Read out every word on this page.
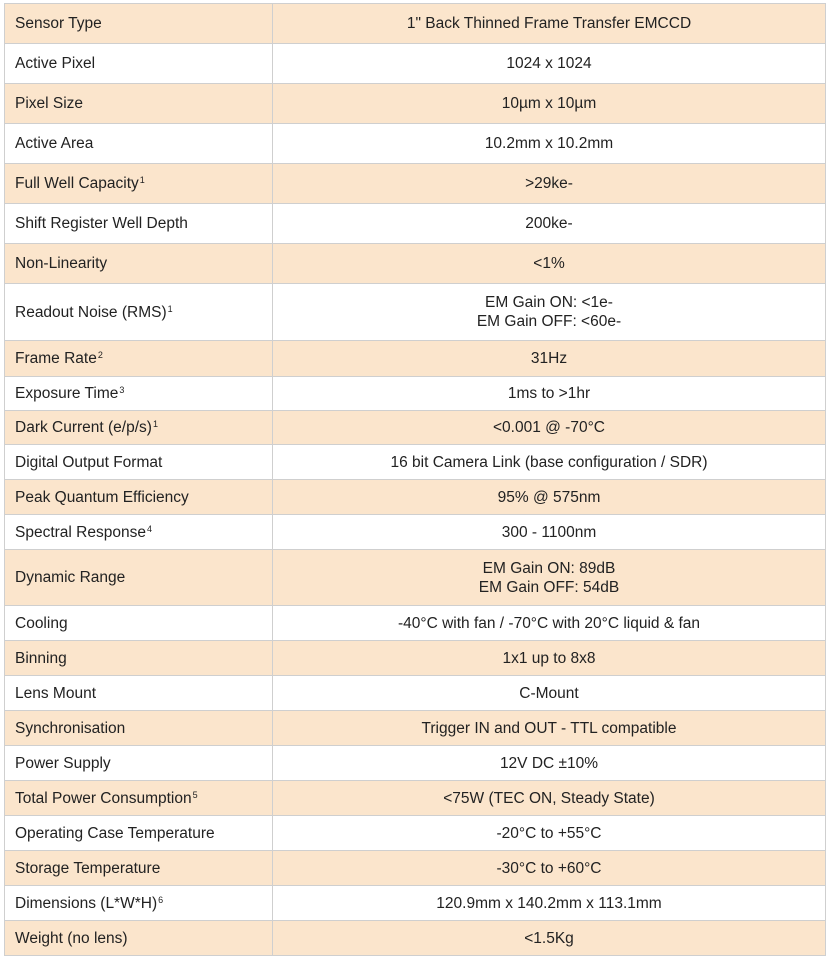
Sensor Type	1" Back Thinned Frame Transfer EMCCD

Active Pixel	1024 x 1024

Pixel Size	10µm x 10µm

Active Area	10.2mm x 10.2mm

Full Well Capacity$^1$	>29ke-

Shift Register Well Depth	200ke-

Non-Linearity	<1%

Readout Noise (RMS)$^1$	EM Gain ON: <1e-
EM Gain OFF: <60e-

Frame Rate$^2$	31Hz

Exposure Time$^3$	1ms to >1hr

Dark Current $(e/p/s)^1$	<0.001 @ -70°C

Digital Output Format	16 bit Camera Link (base configuration / SDR)

Peak Quantum Efficiency	95% @ 575nm

Spectral Response$^4$	300 - 1100nm

Dynamic Range	EM Gain ON: 89dB
EM Gain OFF: 54dB

Cooling	-40°C with fan / -70°C with 20°C liquid & fan

Binning	1x1 up to 8x8

Lens Mount	C-Mount

Synchronisation	Trigger IN and OUT - TTL compatible

Power Supply	12V DC ±10%

Total Power Consumption$^5$	<75W (TEC ON, Steady State)

Operating Case Temperature	-20°C to +55°C

Storage Temperature	-30°C to +60°C

Dimensions $(L*W*H)^6$	120.9mm x 140.2mm x 113.1mm

Weight (no lens)	<1.5Kg
